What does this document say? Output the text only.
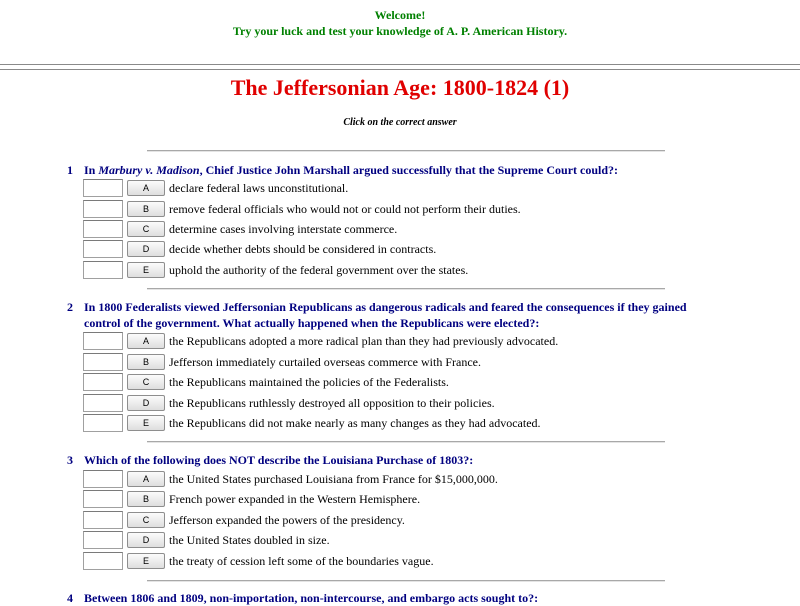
Welcome!
Try your luck and test your knowledge of A. P. American History.
The Jeffersonian Age: 1800-1824 (1)
Click on the correct answer
1 In Marbury v. Madison, Chief Justice John Marshall argued successfully that the Supreme Court could?:
A	declare federal laws unconstitutional.
B	remove federal officials who would not or could not perform their duties.
C	determine cases involving interstate commerce.
D	decide whether debts should be considered in contracts.
E	uphold the authority of the federal government over the states.
2 In 1800 Federalists viewed Jeffersonian Republicans as dangerous radicals and feared the consequences if they gained
control of the government. What actually happened when the Republicans were elected?:
A	the Republicans adopted a more radical plan than they had previously advocated.
B	Jefferson immediately curtailed overseas commerce with France.
C	the Republicans maintained the policies of the Federalists.
D	the Republicans ruthlessly destroyed all opposition to their policies.
E	the Republicans did not make nearly as many changes as they had advocated.
3 Which of the following does NOT describe the Louisiana Purchase of 1803?:
A	the United States purchased Louisiana from France for $15,000,000.
B	French power expanded in the Western Hemisphere.
C	Jefferson expanded the powers of the presidency.
D	the United States doubled in size.
E	the treaty of cession left some of the boundaries vague.
4 Between 1806 and 1809, non-importation, non-intercourse, and embargo acts sought to?:
